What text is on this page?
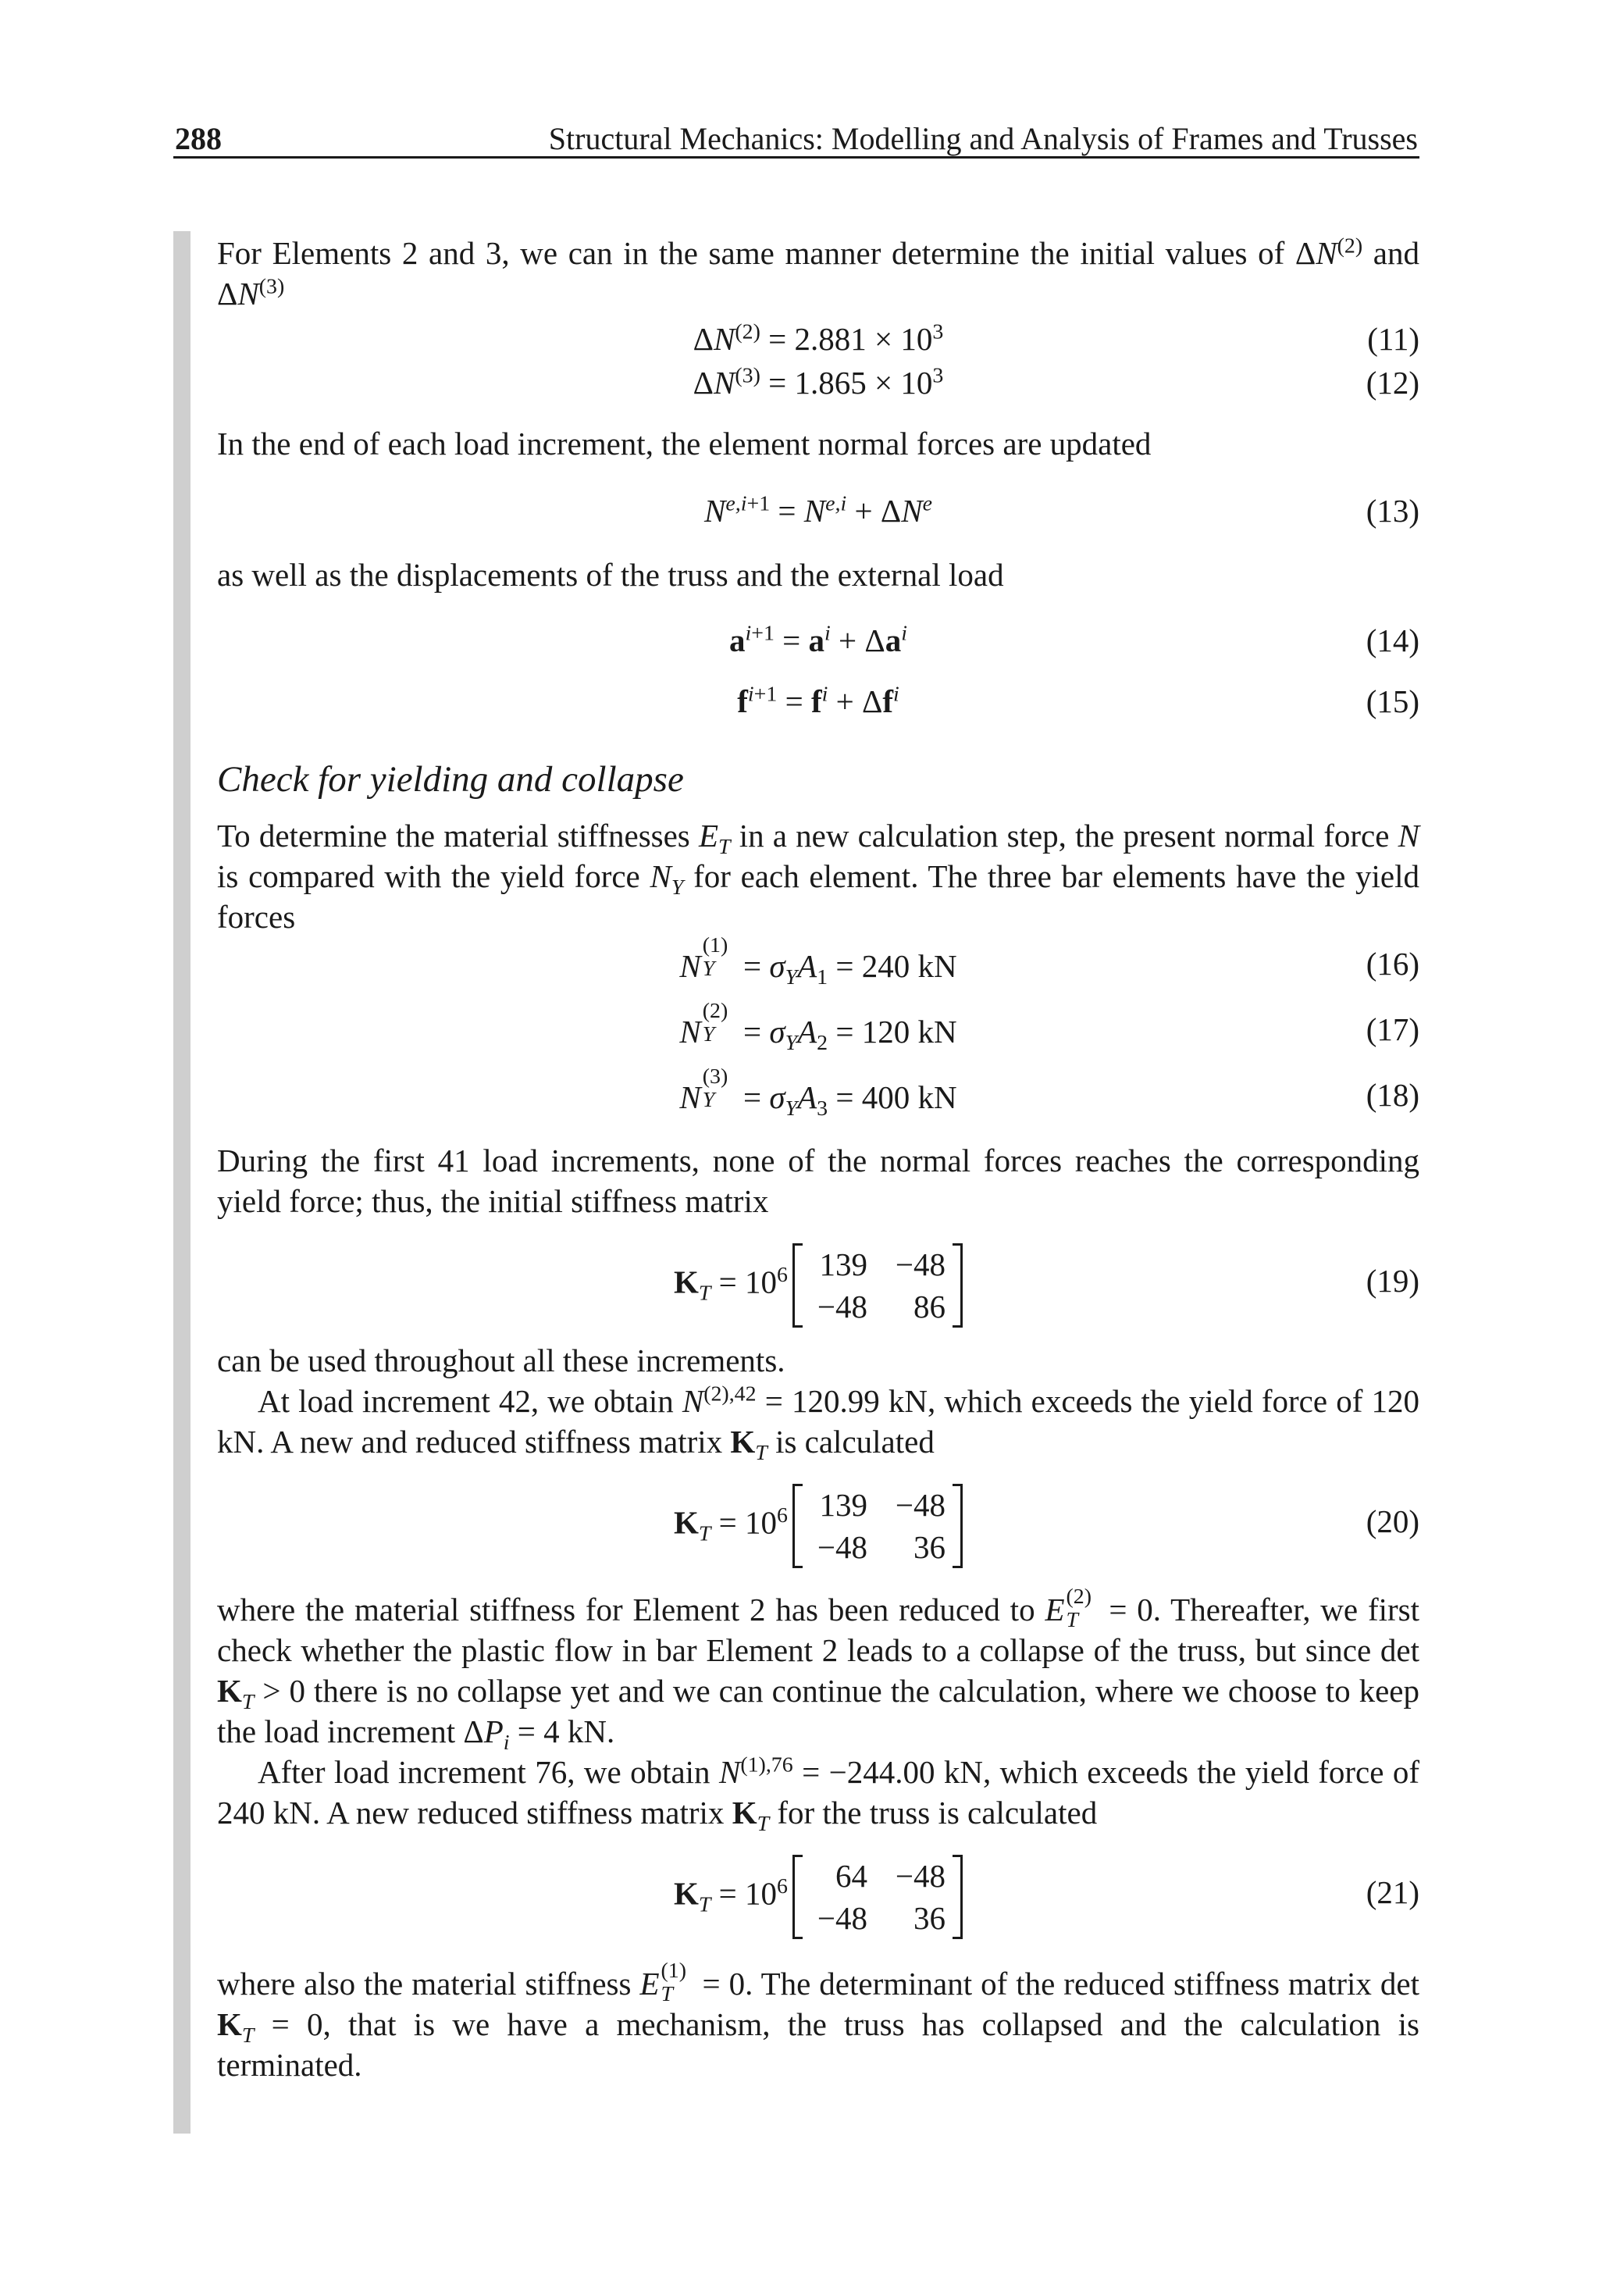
288	Structural Mechanics: Modelling and Analysis of Frames and Trusses

For Elements 2 and 3, we can in the same manner determine the initial values of ΔN$^{(2)}$ and ΔN$^{(3)}$

$\Delta N^{(2)} = 2.881 \times 10^3$	(11)
$\Delta N^{(3)} = 1.865 \times 10^3$	(12)

In the end of each load increment, the element normal forces are updated

$N^{e,i+1} = N^{e,i} + \Delta N^e$	(13)

as well as the displacements of the truss and the external load

$a^{i+1} = a^i + \Delta a^i$	(14)
$f^{i+1} = f^i + \Delta f^i$	(15)

Check for yielding and collapse

To determine the material stiffnesses $E_T$ in a new calculation step, the present normal force N is compared with the yield force $N_Y$ for each element. The three bar elements have the yield forces

N
(1)
$Y = \sigma_YA_1 = 240$ kN	(16)
N
(2)
$Y = \sigma_YA_2 = 120$ kN	(17)
N
(3)
$Y = \sigma_YA_3 = 400$ kN	(18)

During the first 41 load increments, none of the normal forces reaches the corresponding yield force; thus, the initial stiffness matrix

$K_T = 10^6$ 139	−48
−48	86
(19)

can be used throughout all these increments.

At load increment 42, we obtain $N^{(2),42} = 120.99$ kN, which exceeds the yield force of 120 kN. A new and reduced stiffness matrix $K_T$ is calculated

$K_T = 10^6$ 139	−48
−48	36
(20)

where the material stiffness for Element 2 has been reduced to E (2)
T = 0. Thereafter, we first check whether the plastic flow in bar Element 2 leads to a collapse of the truss, but since $\det K_T > 0$ there is no collapse yet and we can continue the calculation, where we choose to keep the load increment $\Delta P_i = 4$ kN.

After load increment 76, we obtain $N^{(1),76} = -244.00$ kN, which exceeds the yield force of 240 kN. A new reduced stiffness matrix $K_T$ for the truss is calculated

$K_T = 10^6$ 64	−48
−48	36
(21)

where also the material stiffness E (1)
T = 0. The determinant of the reduced stiffness matrix $\det K_T = 0$, that is we have a mechanism, the truss has collapsed and the calculation is terminated.
